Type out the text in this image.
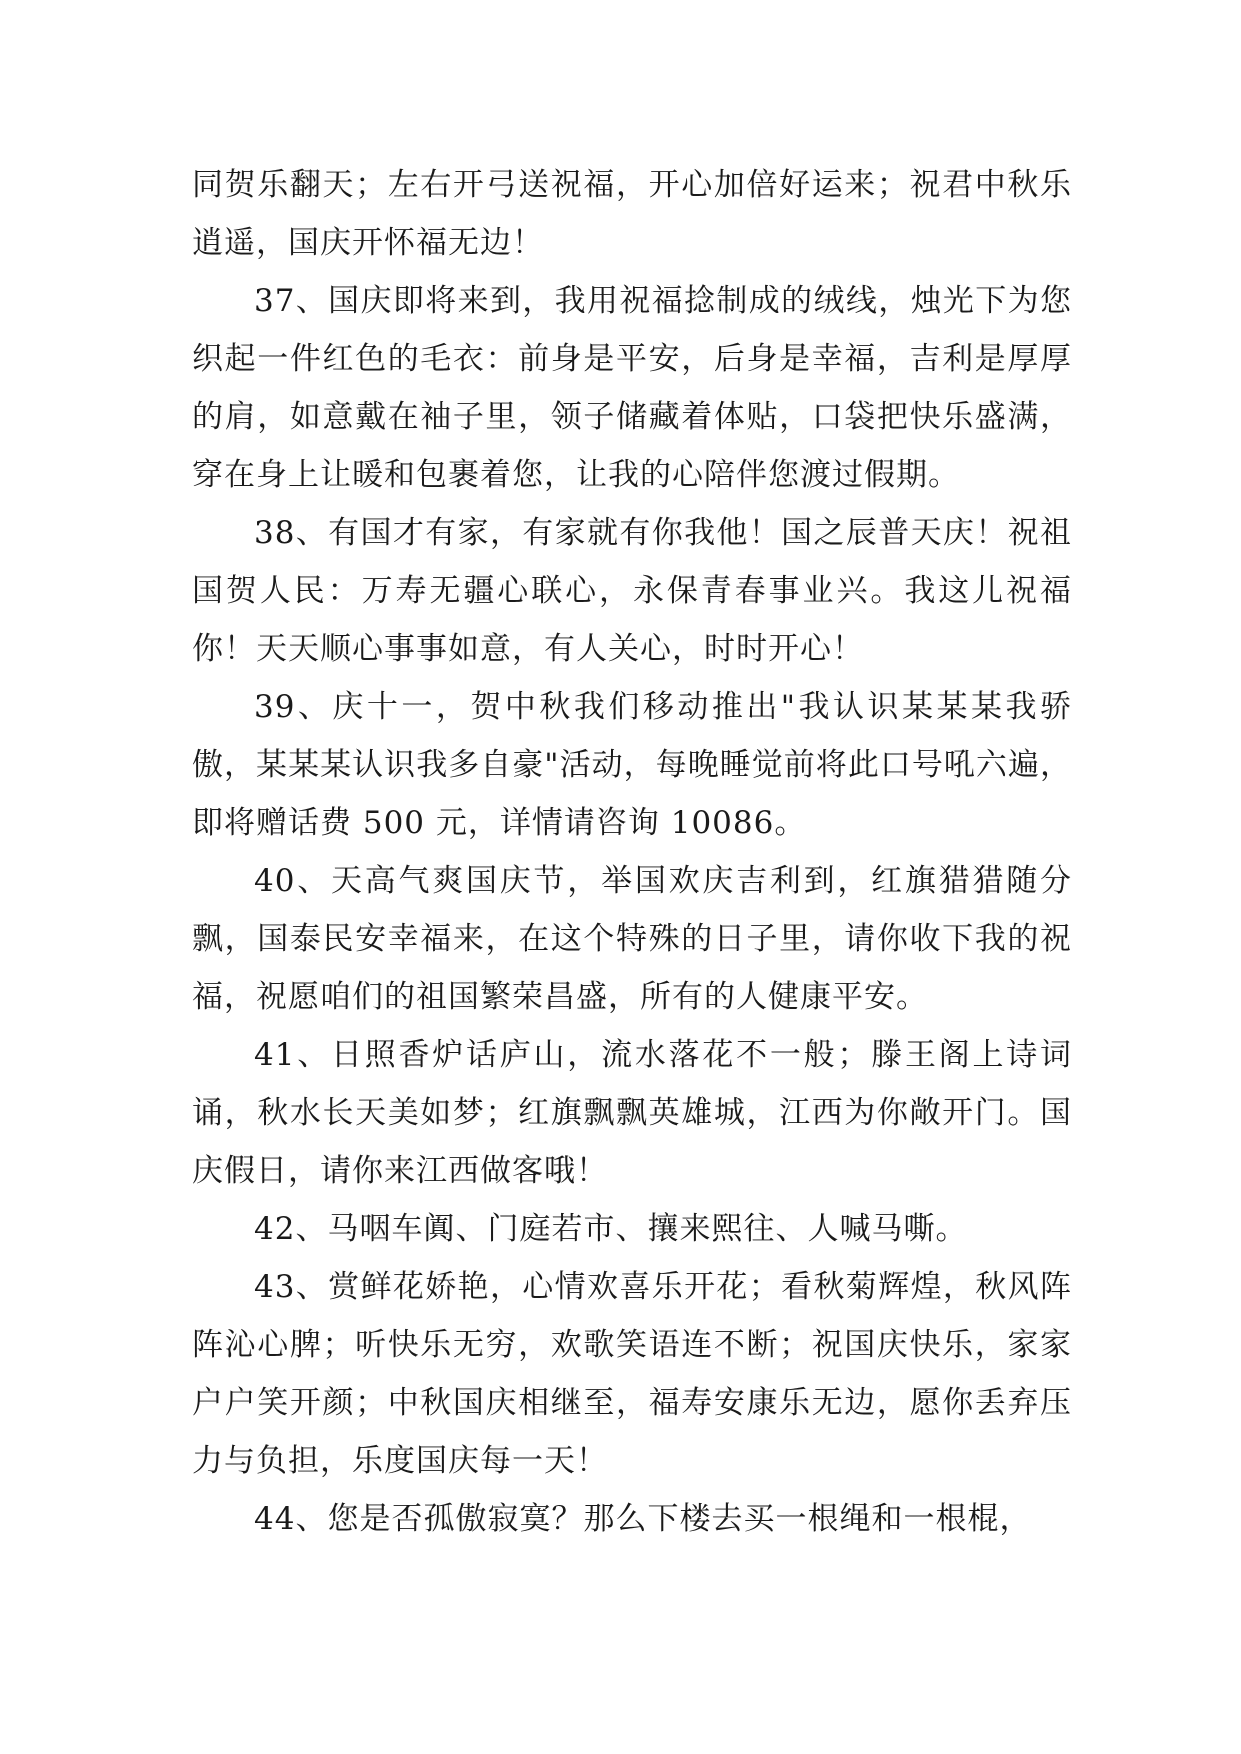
同贺乐翻天；左右开弓送祝福，开心加倍好运来；祝君中秋乐逍遥，国庆开怀福无边！

37、国庆即将来到，我用祝福捻制成的绒线，烛光下为您织起一件红色的毛衣：前身是平安，后身是幸福，吉利是厚厚的肩，如意戴在袖子里，领子储藏着体贴，口袋把快乐盛满，穿在身上让暖和包裹着您，让我的心陪伴您渡过假期。

38、有国才有家，有家就有你我他！国之辰普天庆！祝祖国贺人民：万寿无疆心联心，永保青春事业兴。我这儿祝福你！天天顺心事事如意，有人关心，时时开心！

39、庆十一，贺中秋我们移动推出"我认识某某某我骄傲，某某某认识我多自豪"活动，每晚睡觉前将此口号吼六遍，即将赠话费 500 元，详情请咨询 10086。

40、天高气爽国庆节，举国欢庆吉利到，红旗猎猎随分飘，国泰民安幸福来，在这个特殊的日子里，请你收下我的祝福，祝愿咱们的祖国繁荣昌盛，所有的人健康平安。

41、日照香炉话庐山，流水落花不一般；滕王阁上诗词诵，秋水长天美如梦；红旗飘飘英雄城，江西为你敞开门。国庆假日，请你来江西做客哦！

42、马咽车阗、门庭若市、攘来熙往、人喊马嘶。

43、赏鲜花娇艳，心情欢喜乐开花；看秋菊辉煌，秋风阵阵沁心脾；听快乐无穷，欢歌笑语连不断；祝国庆快乐，家家户户笑开颜；中秋国庆相继至，福寿安康乐无边，愿你丢弃压力与负担，乐度国庆每一天！

44、您是否孤傲寂寞？那么下楼去买一根绳和一根棍，
